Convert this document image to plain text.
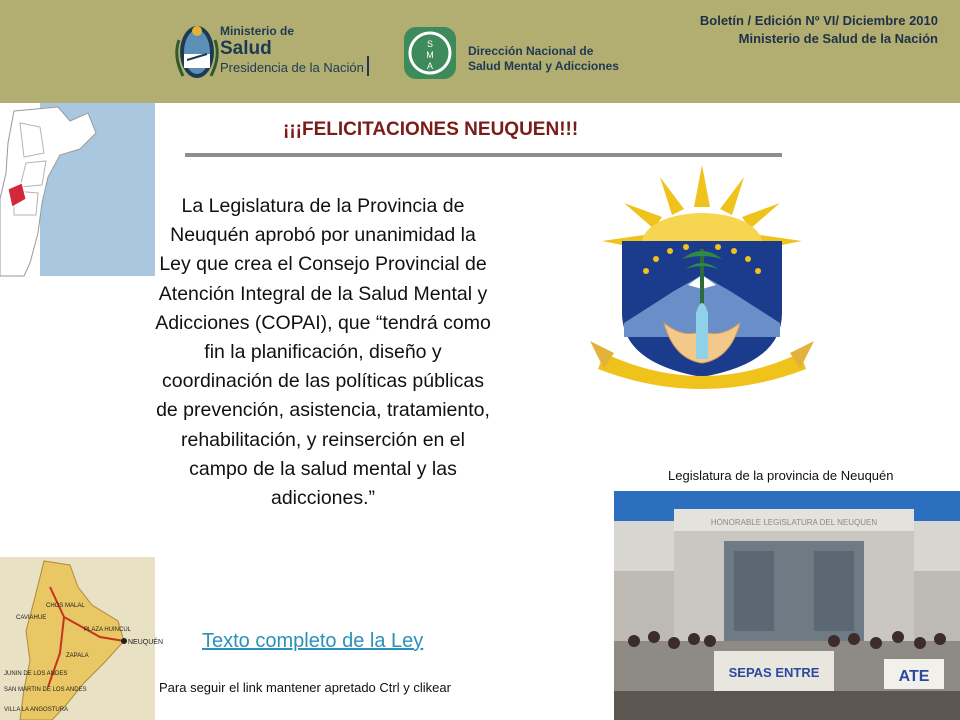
Ministerio de
Salud
Presidencia de la Nación
S
M
A
Dirección Nacional de
Salud Mental y Adicciones
Boletín / Edición Nº VI/ Diciembre 2010
Ministerio de Salud de la Nación
¡¡¡FELICITACIONES NEUQUEN!!!
La Legislatura de la Provincia de Neuquén aprobó por unanimidad la Ley que crea el Consejo Provincial de Atención Integral de la Salud Mental y Adicciones (COPAI), que “tendrá como fin la planificación, diseño y coordinación de las políticas públicas de prevención, asistencia, tratamiento, rehabilitación, y reinserción en el campo de la salud mental y las adicciones.”
Texto completo de la Ley
Para seguir el link mantener apretado Ctrl y clikear
Legislatura de la provincia de Neuquén
HONORABLE LEGISLATURA DEL NEUQUEN
SEPAS ENTRE	ATE
NEUQUÉN
CHOS MALAL
CAVIAHUE
PLAZA HUINCUL
ZAPALA
JUNIN DE LOS ANDES
SAN MARTIN DE LOS ANDES
VILLA LA ANGOSTURA
